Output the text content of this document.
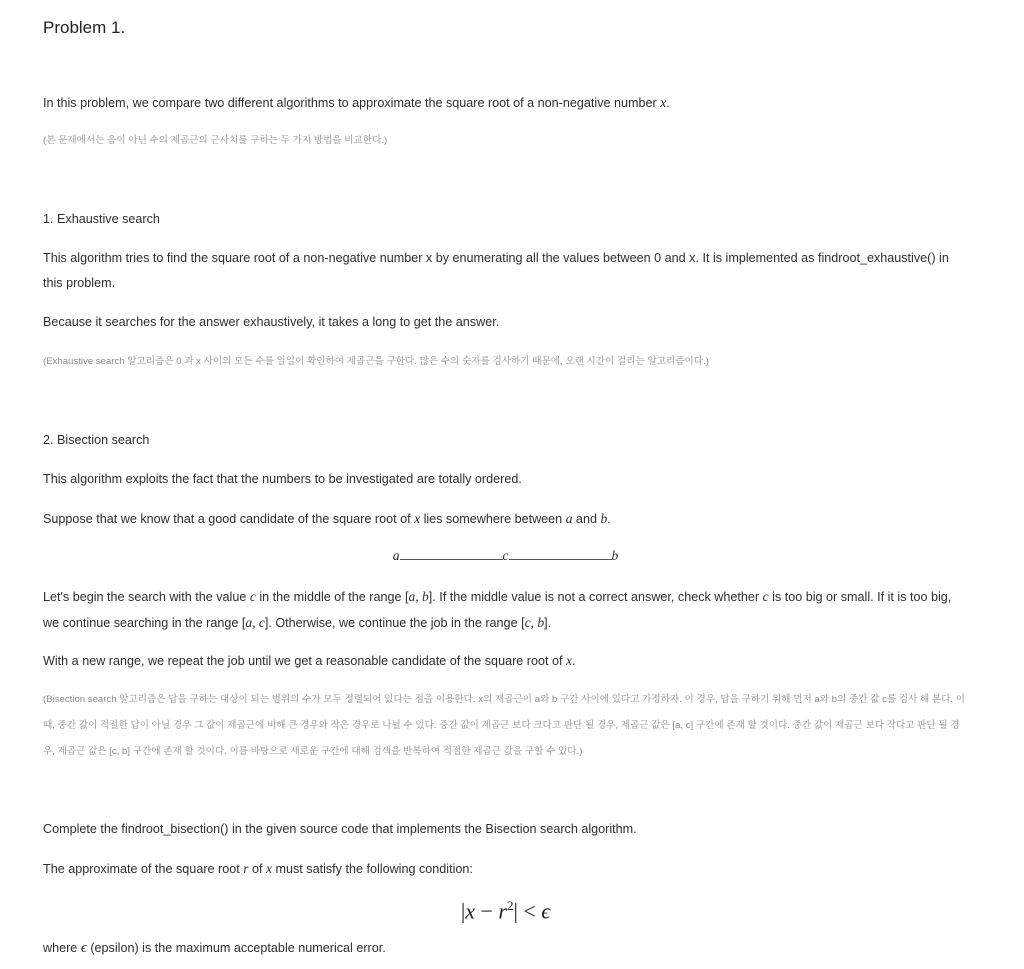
Problem 1.

In this problem, we compare two different algorithms to approximate the square root of a non-negative number x.

(본 문제에서는 음이 아닌 수의 제곱근의 근사치를 구하는 두 가지 방법을 비교한다.)

1. Exhaustive search

This algorithm tries to find the square root of a non-negative number x by enumerating all the values between 0 and x. It is implemented as findroot_exhaustive() in this problem.

Because it searches for the answer exhaustively, it takes a long to get the answer.

(Exhaustive search 알고리즘은 0 과 x 사이의 모든 수를 일일이 확인하여 제곱근을 구한다. 많은 수의 숫자를 검사하기 때문에, 오랜 시간이 걸리는 알고리즘이다.)

2. Bisection search

This algorithm exploits the fact that the numbers to be investigated are totally ordered.

Suppose that we know that a good candidate of the square root of x lies somewhere between a and b.

a	c	b

Let's begin the search with the value c in the middle of the range [a, b]. If the middle value is not a correct answer, check whether c is too big or small. If it is too big, we continue searching in the range [a, c]. Otherwise, we continue the job in the range [c, b].

With a new range, we repeat the job until we get a reasonable candidate of the square root of x.

(Bisection search 알고리즘은 답을 구하는 대상이 되는 범위의 수가 모두 정렬되어 있다는 점을 이용한다. x의 제곱근이 a와 b 구간 사이에 있다고 가정하자. 이 경우, 답을 구하기 위해 먼저 a와 b의 중간 값 c를 검사 해 본다. 이 때, 중간 값이 적절한 답이 아닐 경우 그 값이 제곱근에 비해 큰 경우와 작은 경우로 나뉠 수 있다. 중간 값이 제곱근 보다 크다고 판단 될 경우, 제곱근 값은 [a, c] 구간에 존재 할 것이다. 중간 값이 제곱근 보다 작다고 판단 될 경우, 제곱근 값은 [c, b] 구간에 존재 할 것이다. 이를 바탕으로 새로운 구간에 대해 검색을 반복하여 적절한 제곱근 값을 구할 수 있다.)

Complete the findroot_bisection() in the given source code that implements the Bisection search algorithm.

The approximate of the square root r of x must satisfy the following condition:

$|x - r^2| < \epsilon$

where ϵ (epsilon) is the maximum acceptable numerical error.
